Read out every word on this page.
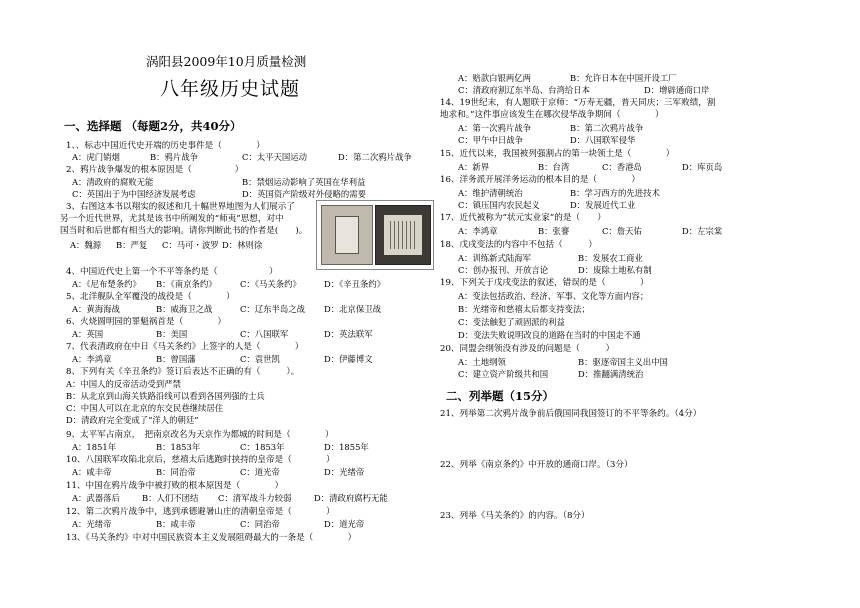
涡阳县2009年10月质量检测
八年级历史试题
一、选择题 （每题2分，共40分）
1、、标志中国近代史开端的历史事件是（　　　　）
A：虎门销烟	B：鸦片战争	C：太平天国运动	D：第二次鸦片战争
2、鸦片战争爆发的根本原因是（　　　　　）
A：清政府的腐败无能	B：禁烟运动影响了英国在华利益
C：英国出于为中国经济发展考虑	D：英国资产阶级对外侵略的需要
3、右图这本书以翔实的叙述和几十幅世界地图为人们展示了
另一个近代世界，尤其是该书中所阐发的“师夷”思想，对中
国当时和后世都有相当大的影响。请你判断此书的作者是(　　)。
A：魏源 B：严复 C：马可・波罗 D：林则徐
4、中国近代史上第一个不平等条约是（　　　　　　）
A：《尼布楚条约》 B：《南京条约》	C：《马关条约》	D：《辛丑条约》
5、北洋舰队全军覆没的战役是（　　　　）
A：黄海海战	B：威海卫之战	C：辽东半岛之战 D：北京保卫战
6、火烧圆明园的罪魁祸首是（　　　　）
A：英国	B：美国	C：八国联军	D：英法联军
7、代表清政府在中日《马关条约》上签字的人是（　　　　）
A：李鸿章	B：曾国藩	C：袁世凯	D：伊藤博文
8、下列有关《辛丑条约》签订后表达不正确的有（　　　）。
A：中国人的反帝活动受到严禁
B：从北京到山海关铁路沿线可以看到各国列强的士兵
C：中国人可以在北京的东交民巷继续居住
D：清政府完全变成了“洋人的朝廷”
9、太平军占南京，　把南京改名为天京作为都城的时间是（　　　　）
A：1851年	B：1853年	C：1853年	D：1855年
10、八国联军攻陷北京后，慈禧太后逃跑时挟持的皇帝是（　　　　）
A：咸丰帝	B：同治帝	C：道光帝	D：光绪帝
11、中国在鸦片战争中被打败的根本原因是（　　　　）
A：武器落后	B：人们不团结 C：清军战斗力较弱	D：清政府腐朽无能
12、第二次鸦片战争中，逃到承德避暑山庄的清朝皇帝是（　　　　）
A：光绪帝	B：咸丰帝	C：同治帝	D：道光帝
13、《马关条约》中对中国民族资本主义发展阻碍最大的一条是（　　　　）
A：赔款白银两亿两	B：允许日本在中国开设工厂
C：清政府割辽东半岛、台湾给日本	D：增辟通商口岸
14、19世纪末，有人题联于京师：“万寿无疆，普天同庆；三军败绩，割
地求和。”这件事应该发生在哪次侵华战争期间（　　　　）
A：第一次鸦片战争	B：第二次鸦片战争
C：甲午中日战争	D：八国联军侵华
15、近代以来，我国被列强割占的第一块领土是（　　　　）
A：新界	B：台湾	C：香港岛	D：库页岛
16、洋务派开展洋务运动的根本目的是（　　　　）
A：维护清朝统治	B：学习西方的先进技术
C：镇压国内农民起义	D：发展近代工业
17、近代被称为“状元实业家”的是（　　）
A：李鸿章	B：张謇	C：詹天佑	D：左宗棠
18、戊戌变法的内容中不包括（　　　）
A：训练新式陆海军	B：发展农工商业
C：创办报刊、开放言论	D：废除土地私有制
19、下列关于戊戌变法的叙述，错误的是（　　　　）
A：变法包括政治、经济、军事、文化等方面内容；
B：光绪帝和慈禧太后都支持变法；
C：变法触犯了顽固派的利益
D：变法失败说明改良的道路在当时的中国走不通
20、同盟会纲领没有涉及的问题是（　　　）
A：土地纲领	B：驱逐帝国主义出中国
C：建立资产阶级共和国	D：推翻满清统治
二、列举题（15分）
21、列举第二次鸦片战争前后俄国同我国签订的不平等条约。（4分）
22、列举《南京条约》中开放的通商口岸。（3分）
23、列举《马关条约》的内容。（8分）
